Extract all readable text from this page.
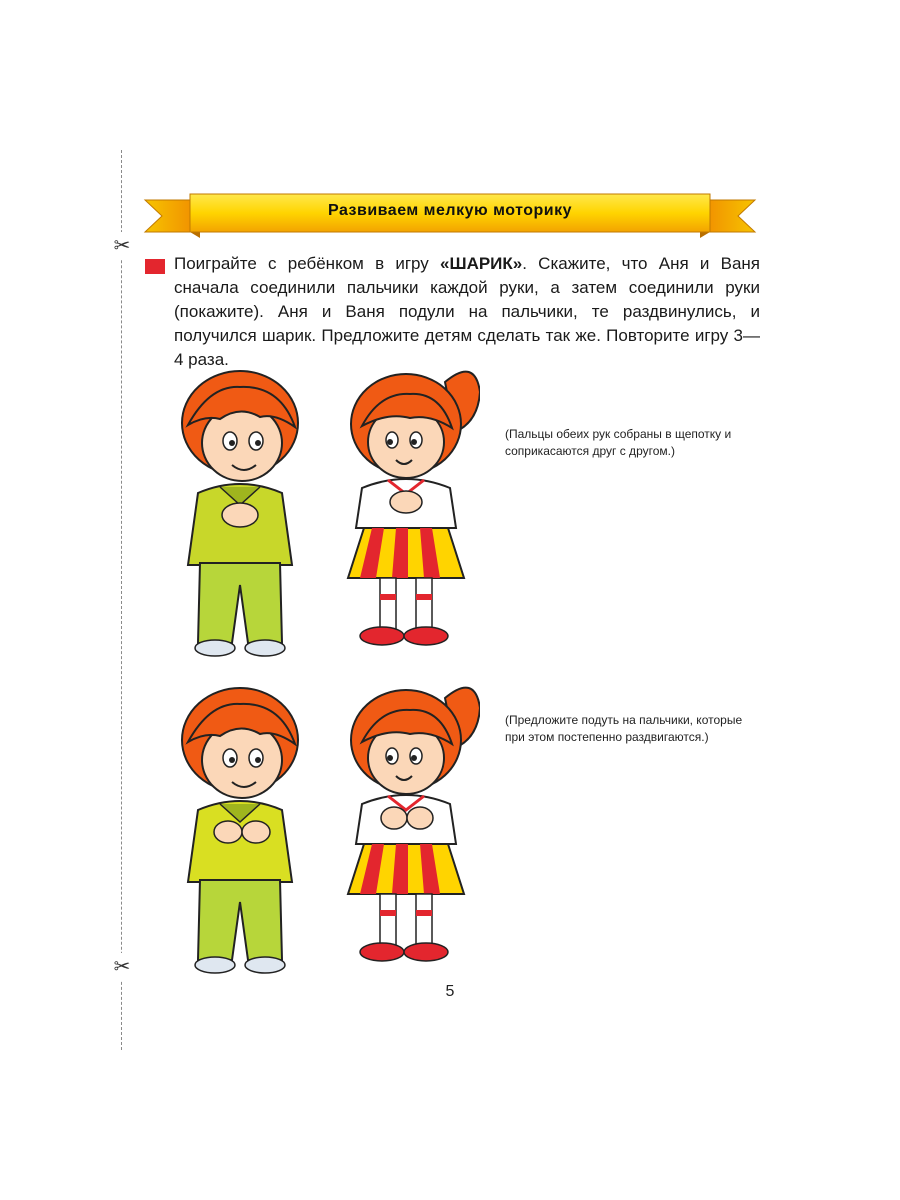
✂
✂
Развиваем мелкую моторику
Поиграйте с ребёнком в игру «ШАРИК». Скажите, что Аня и Ваня сначала соединили пальчики каждой руки, а затем соединили руки (покажите). Аня и Ваня подули на пальчики, те раздвинулись, и получился шарик. Предложите детям сделать так же. Повторите игру 3—4 раза.
(Пальцы обеих рук собраны в щепотку и соприкасаются друг с другом.)
(Предложите подуть на пальчики, которые при этом постепенно раздвигаются.)
5
